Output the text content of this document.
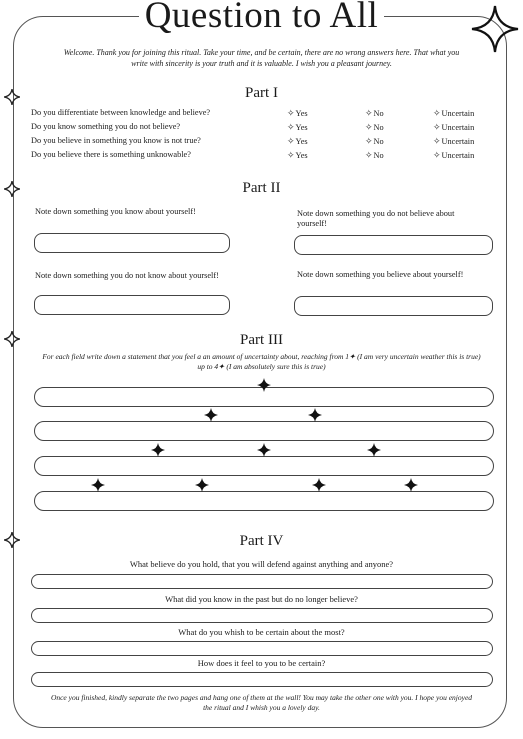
Question to All
Welcome. Thank you for joining this ritual. Take your time, and be certain, there are no wrong answers here. That what you write with sincerity is your truth and it is valuable. I wish you a pleasant journey.
Part I
Do you differentiate between knowledge and believe?	✧Yes	✧No	✧Uncertain
Do you know something you do not believe?	✧Yes	✧No	✧Uncertain
Do you believe in something you know is not true?	✧Yes	✧No	✧Uncertain
Do you believe there is something unknowable?	✧Yes	✧No	✧Uncertain
Part II
Note down something you know about yourself!	Note down something you do not believe about yourself!
Note down something you do not know about yourself!	Note down something you believe about yourself!
Part III
For each field write down a statement that you feel a an amount of uncertainty about, reaching from 1✦ (I am very uncertain weather this is true) up to 4✦ (I am absolutely sure this is true)
Part IV
What believe do you hold, that you will defend against anything and anyone?
What did you know in the past but do no longer believe?
What do you whish to be certain about the most?
How does it feel to you to be certain?
Once you finished, kindly separate the two pages and hang one of them at the wall! You may take the other one with you. I hope you enjoyed the ritual and I whish you a lovely day.
